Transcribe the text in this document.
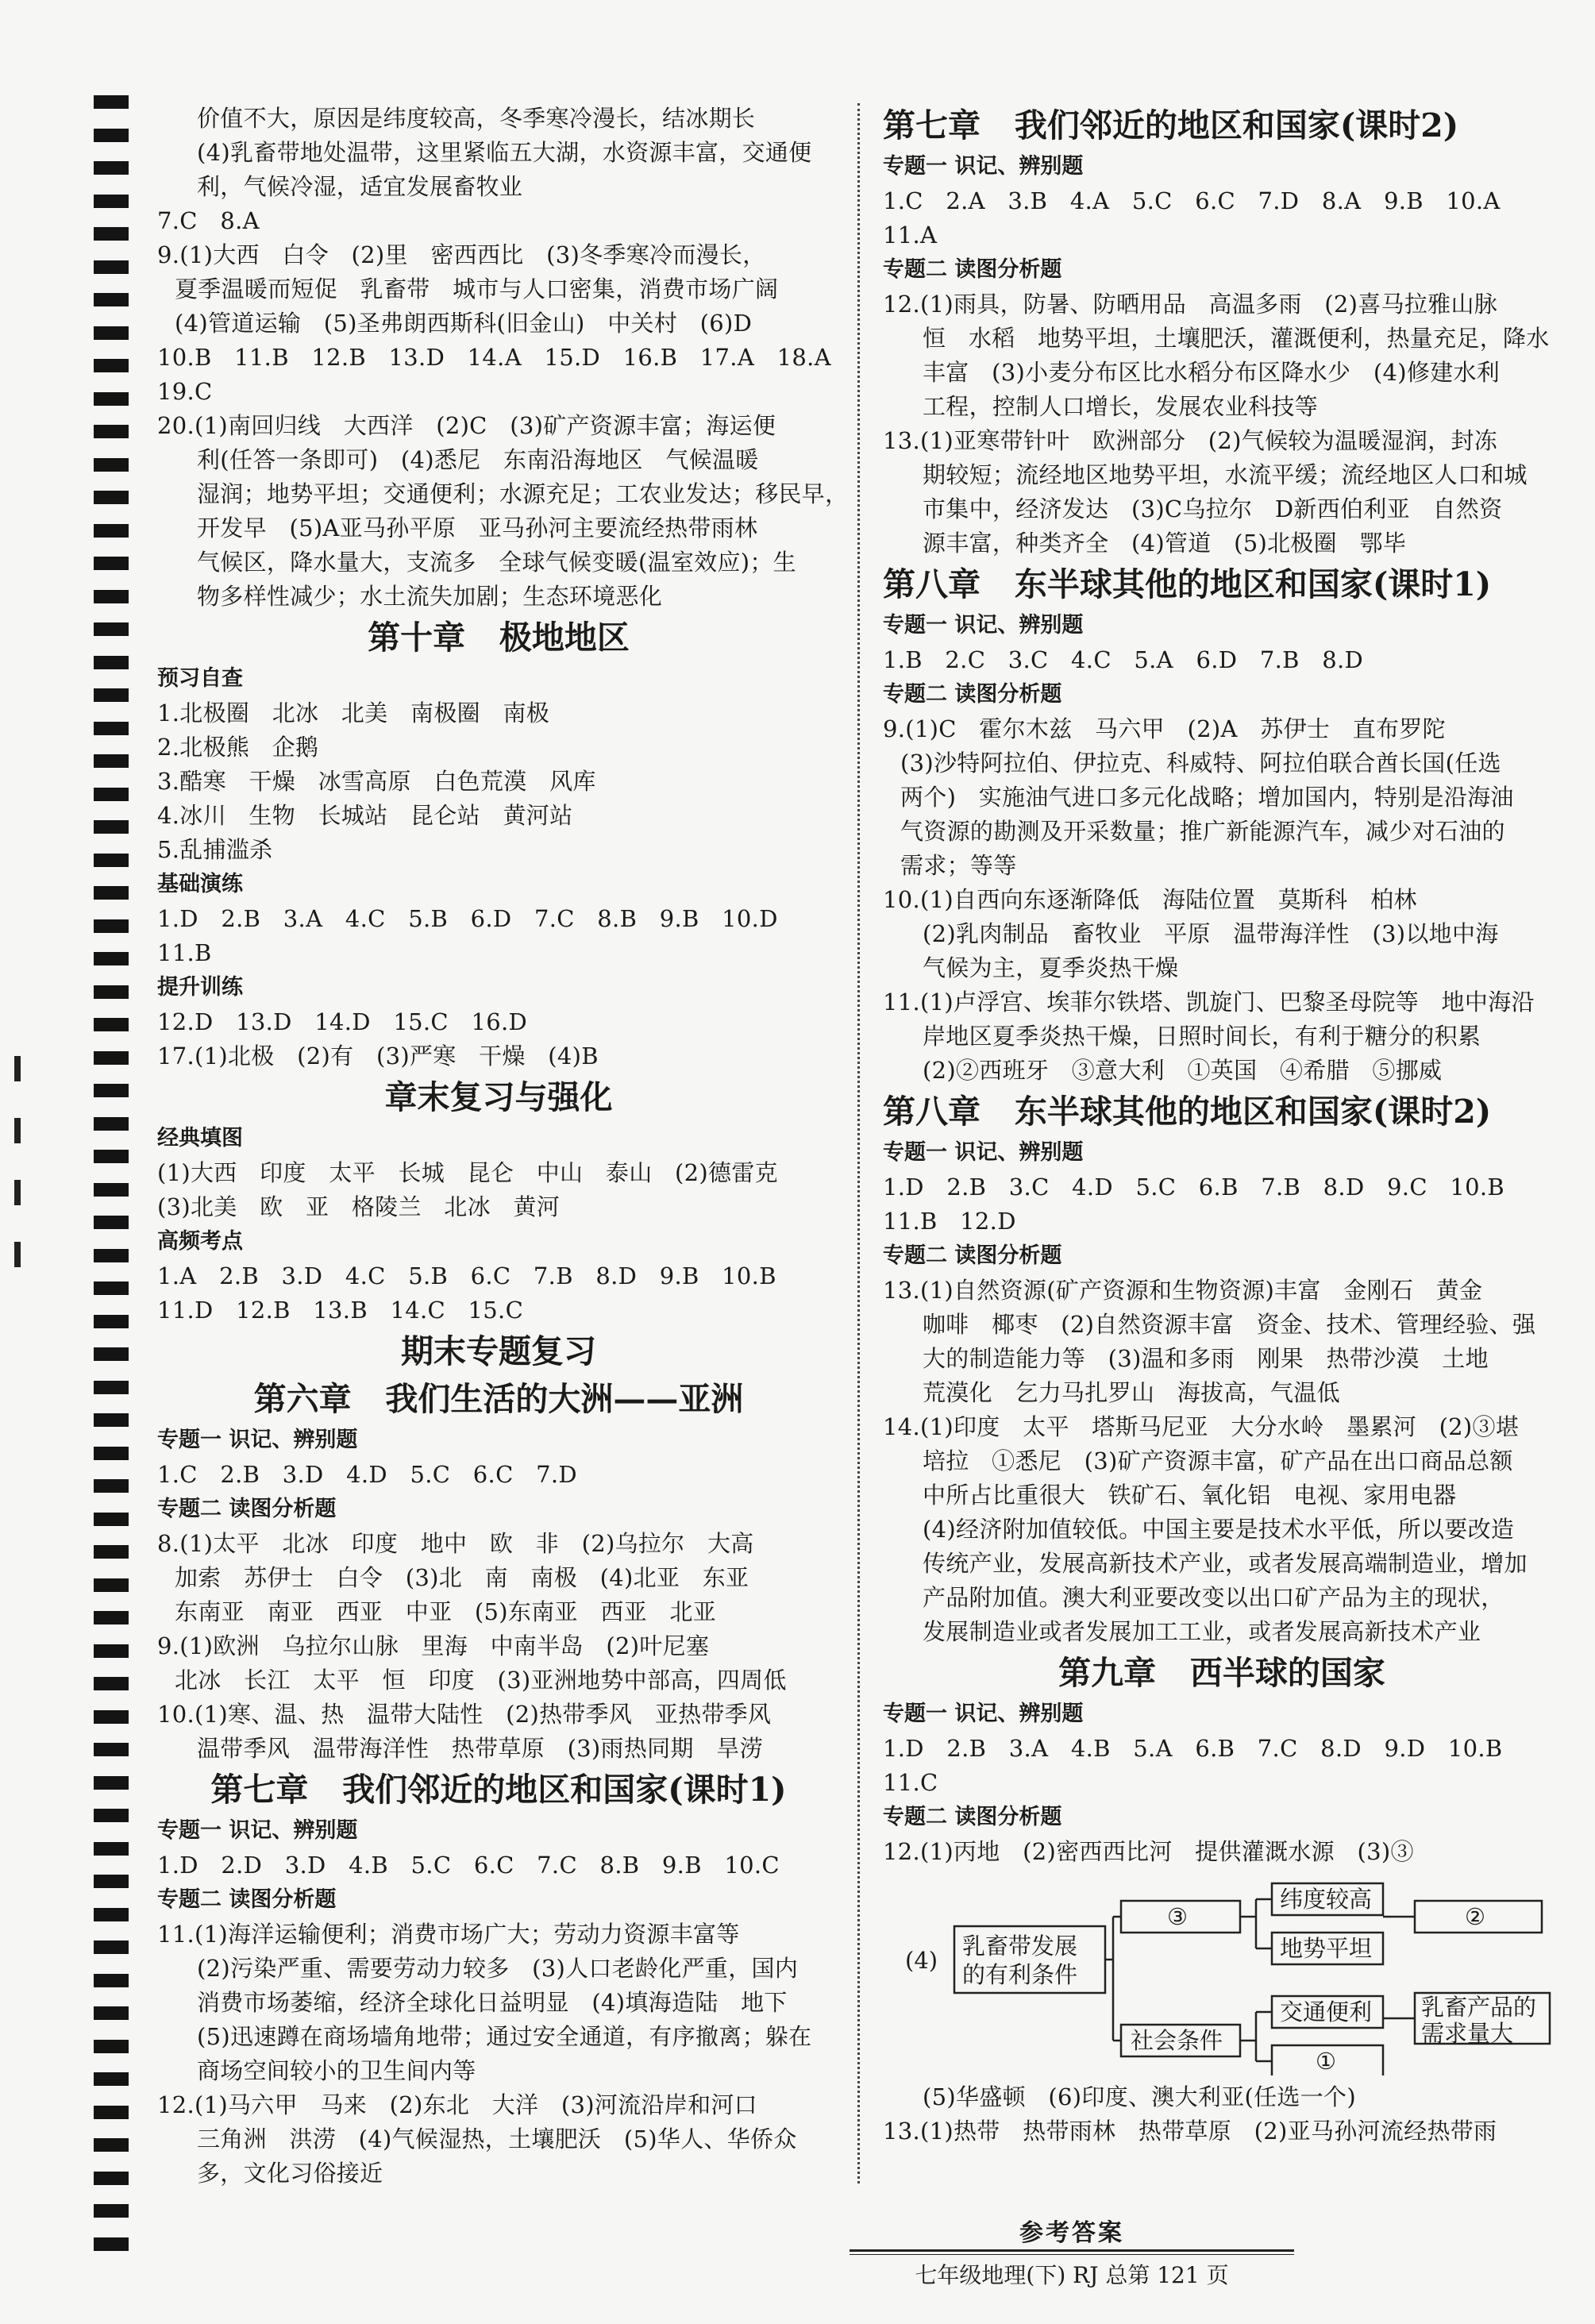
价值不大，原因是纬度较高，冬季寒冷漫长，结冰期长
(4)乳畜带地处温带，这里紧临五大湖，水资源丰富，交通便
利，气候冷湿，适宜发展畜牧业
7.C   8.A
9.(1)大西   白令   (2)里   密西西比   (3)冬季寒冷而漫长，
夏季温暖而短促   乳畜带   城市与人口密集，消费市场广阔
(4)管道运输   (5)圣弗朗西斯科(旧金山)   中关村   (6)D
10.B   11.B   12.B   13.D   14.A   15.D   16.B   17.A   18.A
19.C
20.(1)南回归线   大西洋   (2)C   (3)矿产资源丰富；海运便
利(任答一条即可)   (4)悉尼   东南沿海地区   气候温暖
湿润；地势平坦；交通便利；水源充足；工农业发达；移民早，
开发早   (5)A亚马孙平原   亚马孙河主要流经热带雨林
气候区，降水量大，支流多   全球气候变暖(温室效应)；生
物多样性减少；水土流失加剧；生态环境恶化
第十章   极地地区
预习自查
1.北极圈   北冰   北美   南极圈   南极
2.北极熊   企鹅
3.酷寒   干燥   冰雪高原   白色荒漠   风库
4.冰川   生物   长城站   昆仑站   黄河站
5.乱捕滥杀
基础演练
1.D   2.B   3.A   4.C   5.B   6.D   7.C   8.B   9.B   10.D
11.B
提升训练
12.D   13.D   14.D   15.C   16.D
17.(1)北极   (2)有   (3)严寒   干燥   (4)B
章末复习与强化
经典填图
(1)大西   印度   太平   长城   昆仑   中山   泰山   (2)德雷克
(3)北美   欧   亚   格陵兰   北冰   黄河
高频考点
1.A   2.B   3.D   4.C   5.B   6.C   7.B   8.D   9.B   10.B
11.D   12.B   13.B   14.C   15.C
期末专题复习
第六章   我们生活的大洲——亚洲
专题一 识记、辨别题
1.C   2.B   3.D   4.D   5.C   6.C   7.D
专题二 读图分析题
8.(1)太平   北冰   印度   地中   欧   非   (2)乌拉尔   大高
加索   苏伊士   白令   (3)北   南   南极   (4)北亚   东亚
东南亚   南亚   西亚   中亚   (5)东南亚   西亚   北亚
9.(1)欧洲   乌拉尔山脉   里海   中南半岛   (2)叶尼塞
北冰   长江   太平   恒   印度   (3)亚洲地势中部高，四周低
10.(1)寒、温、热   温带大陆性   (2)热带季风   亚热带季风
温带季风   温带海洋性   热带草原   (3)雨热同期   旱涝
第七章   我们邻近的地区和国家(课时1)
专题一 识记、辨别题
1.D   2.D   3.D   4.B   5.C   6.C   7.C   8.B   9.B   10.C
专题二 读图分析题
11.(1)海洋运输便利；消费市场广大；劳动力资源丰富等
(2)污染严重、需要劳动力较多   (3)人口老龄化严重，国内
消费市场萎缩，经济全球化日益明显   (4)填海造陆   地下
(5)迅速蹲在商场墙角地带；通过安全通道，有序撤离；躲在
商场空间较小的卫生间内等
12.(1)马六甲   马来   (2)东北   大洋   (3)河流沿岸和河口
三角洲   洪涝   (4)气候湿热，土壤肥沃   (5)华人、华侨众
多，文化习俗接近
第七章   我们邻近的地区和国家(课时2)
专题一 识记、辨别题
1.C   2.A   3.B   4.A   5.C   6.C   7.D   8.A   9.B   10.A
11.A
专题二 读图分析题
12.(1)雨具，防暑、防晒用品   高温多雨   (2)喜马拉雅山脉
恒   水稻   地势平坦，土壤肥沃，灌溉便利，热量充足，降水
丰富   (3)小麦分布区比水稻分布区降水少   (4)修建水利
工程，控制人口增长，发展农业科技等
13.(1)亚寒带针叶   欧洲部分   (2)气候较为温暖湿润，封冻
期较短；流经地区地势平坦，水流平缓；流经地区人口和城
市集中，经济发达   (3)C乌拉尔   D新西伯利亚   自然资
源丰富，种类齐全   (4)管道   (5)北极圈   鄂毕
第八章   东半球其他的地区和国家(课时1)
专题一 识记、辨别题
1.B   2.C   3.C   4.C   5.A   6.D   7.B   8.D
专题二 读图分析题
9.(1)C   霍尔木兹   马六甲   (2)A   苏伊士   直布罗陀
(3)沙特阿拉伯、伊拉克、科威特、阿拉伯联合酋长国(任选
两个)   实施油气进口多元化战略；增加国内，特别是沿海油
气资源的勘测及开采数量；推广新能源汽车，减少对石油的
需求；等等
10.(1)自西向东逐渐降低   海陆位置   莫斯科   柏林
(2)乳肉制品   畜牧业   平原   温带海洋性   (3)以地中海
气候为主，夏季炎热干燥
11.(1)卢浮宫、埃菲尔铁塔、凯旋门、巴黎圣母院等   地中海沿
岸地区夏季炎热干燥，日照时间长，有利于糖分的积累
(2)②西班牙   ③意大利   ①英国   ④希腊   ⑤挪威
第八章   东半球其他的地区和国家(课时2)
专题一 识记、辨别题
1.D   2.B   3.C   4.D   5.C   6.B   7.B   8.D   9.C   10.B
11.B   12.D
专题二 读图分析题
13.(1)自然资源(矿产资源和生物资源)丰富   金刚石   黄金
咖啡   椰枣   (2)自然资源丰富   资金、技术、管理经验、强
大的制造能力等   (3)温和多雨   刚果   热带沙漠   土地
荒漠化   乞力马扎罗山   海拔高，气温低
14.(1)印度   太平   塔斯马尼亚   大分水岭   墨累河   (2)③堪
培拉   ①悉尼   (3)矿产资源丰富，矿产品在出口商品总额
中所占比重很大   铁矿石、氧化铝   电视、家用电器
(4)经济附加值较低。中国主要是技术水平低，所以要改造
传统产业，发展高新技术产业，或者发展高端制造业，增加
产品附加值。澳大利亚要改变以出口矿产品为主的现状，
发展制造业或者发展加工工业，或者发展高新技术产业
第九章   西半球的国家
专题一 识记、辨别题
1.D   2.B   3.A   4.B   5.A   6.B   7.C   8.D   9.D   10.B
11.C
专题二 读图分析题
12.(1)丙地   (2)密西西比河   提供灌溉水源   (3)③
(4)
乳畜带发展
的有利条件
③
社会条件
纬度较高
地势平坦
交通便利
①
②
乳畜产品的
需求量大
(5)华盛顿   (6)印度、澳大利亚(任选一个)
13.(1)热带   热带雨林   热带草原   (2)亚马孙河流经热带雨
参考答案
七年级地理(下) RJ 总第 121 页
